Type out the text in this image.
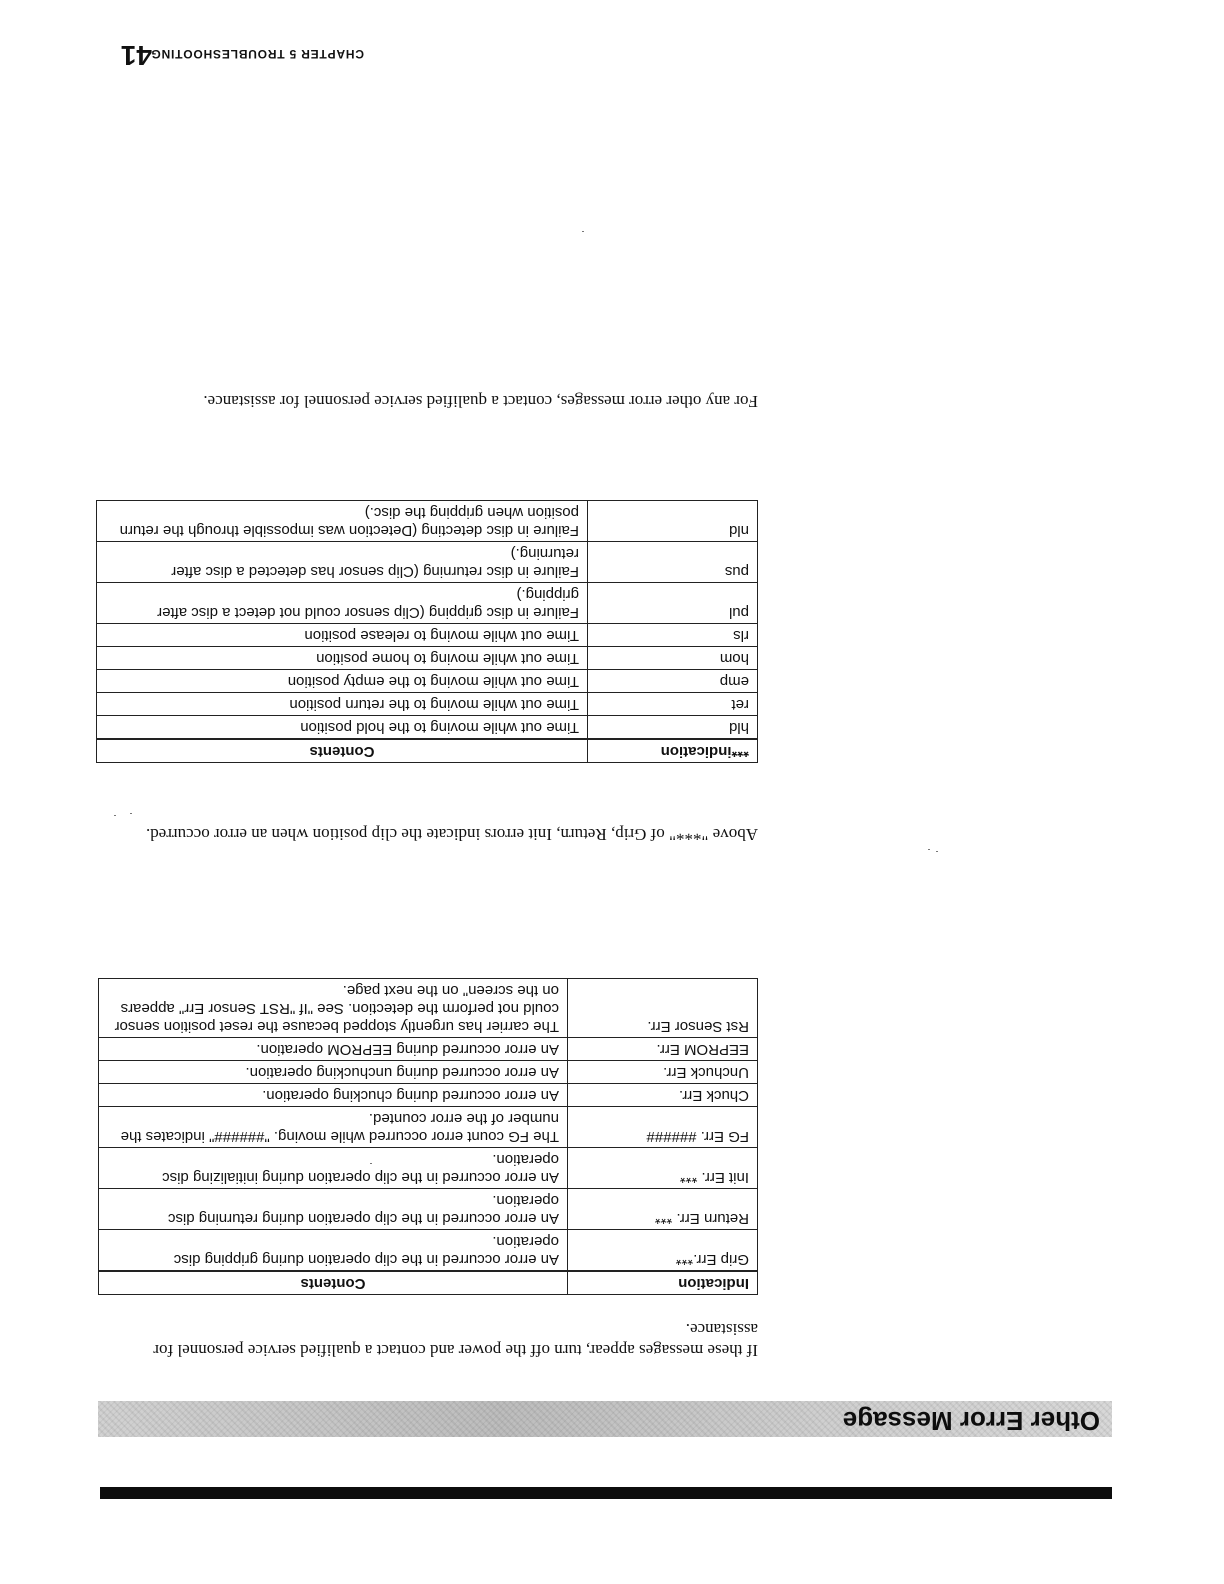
CHAPTER 5 TROUBLESHOOTING
41
Other Error Message

If these messages appear, turn off the power and contact a qualified service personnel for assistance.

Indication	Contents
Grip Err.***	An error occurred in the clip operation during gripping disc operation.
Return Err. ***	An error occurred in the clip operation during returning disc operation.
Init Err. ***	An error occurred in the clip operation during initializing disc operation.
FG Err. ######	The FG count error occurred while moving. "######" indicates the number of the error counted.
Chuck Err.	An error occurred during chucking operation.
Unchuck Err.	An error occurred during unchucking operation.
EEPROM Err.	An error occurred during EEPROM operation.
Rst Sensor Err.	The carrier has urgently stopped because the reset position sensor could not perform the detection. See "If "RST Sensor Err" appears on the screen" on the next page.

Above "***" of Grip, Return, Init errors indicate the clip position when an error occurred.

***indication	Contents
hld	Time out while moving to the hold position
ret	Time out while moving to the return position
emp	Time out while moving to the empty position
hom	Time out while moving to home position
rls	Time out while moving to release position
pul	Failure in disc gripping (Clip sensor could not detect a disc after gripping.)
pus	Failure in disc returning (Clip sensor has detected a disc after returning.)
nld	Failure in disc detecting (Detection was impossible through the return position when gripping the disc.)

For any other error messages, contact a qualified service personnel for assistance.
